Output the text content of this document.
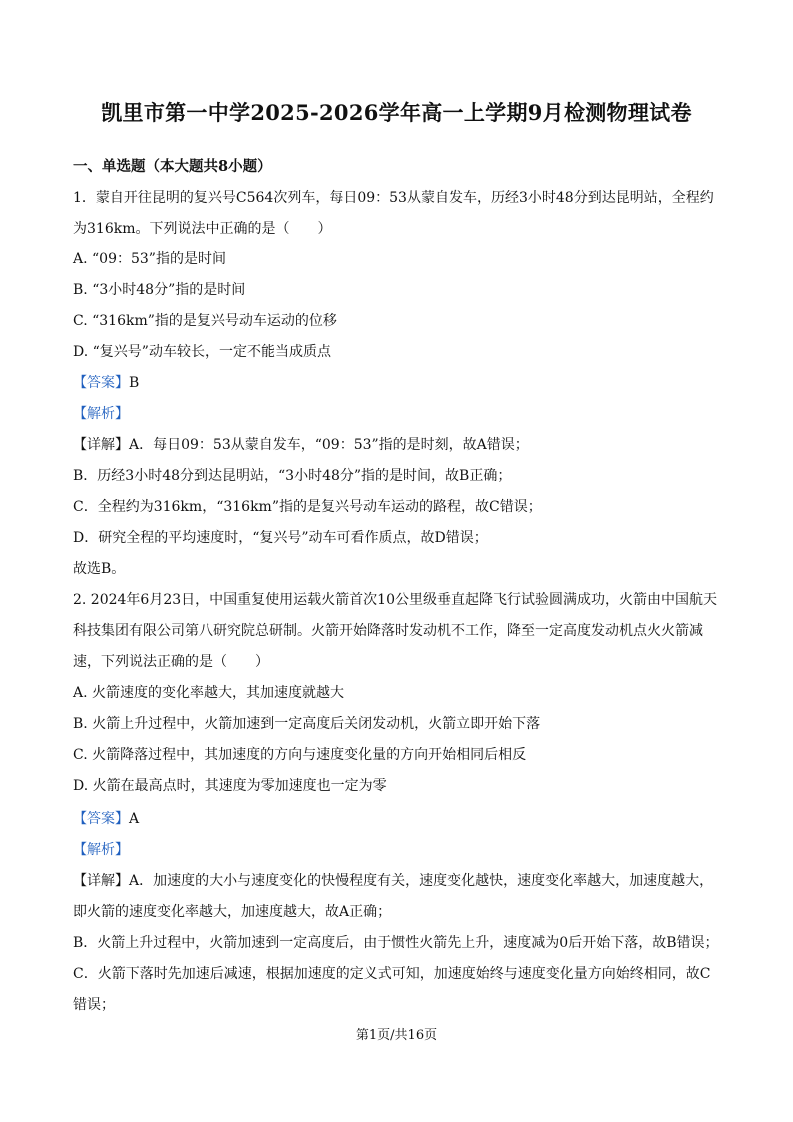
凯里市第一中学2025-2026学年高一上学期9月检测物理试卷
一、单选题（本大题共8小题）
1．蒙自开往昆明的复兴号C564次列车，每日09：53从蒙自发车，历经3小时48分到达昆明站，全程约
为316km。下列说法中正确的是（　　）
A. “09：53”指的是时间
B. “3小时48分”指的是时间
C. “316km”指的是复兴号动车运动的位移
D. “复兴号”动车较长，一定不能当成质点
【答案】B
【解析】
【详解】A．每日09：53从蒙自发车，“09：53”指的是时刻，故A错误；
B．历经3小时48分到达昆明站，“3小时48分”指的是时间，故B正确；
C．全程约为316km，“316km”指的是复兴号动车运动的路程，故C错误；
D．研究全程的平均速度时，“复兴号”动车可看作质点，故D错误；
故选B。
2. 2024年6月23日，中国重复使用运载火箭首次10公里级垂直起降飞行试验圆满成功，火箭由中国航天
科技集团有限公司第八研究院总研制。火箭开始降落时发动机不工作，降至一定高度发动机点火火箭减
速，下列说法正确的是（　　）
A. 火箭速度的变化率越大，其加速度就越大
B. 火箭上升过程中，火箭加速到一定高度后关闭发动机，火箭立即开始下落
C. 火箭降落过程中，其加速度的方向与速度变化量的方向开始相同后相反
D. 火箭在最高点时，其速度为零加速度也一定为零
【答案】A
【解析】
【详解】A．加速度的大小与速度变化的快慢程度有关，速度变化越快，速度变化率越大，加速度越大，
即火箭的速度变化率越大，加速度越大，故A正确；
B．火箭上升过程中，火箭加速到一定高度后，由于惯性火箭先上升，速度减为0后开始下落，故B错误；
C．火箭下落时先加速后减速，根据加速度的定义式可知，加速度始终与速度变化量方向始终相同，故C
错误；
第1页/共16页
